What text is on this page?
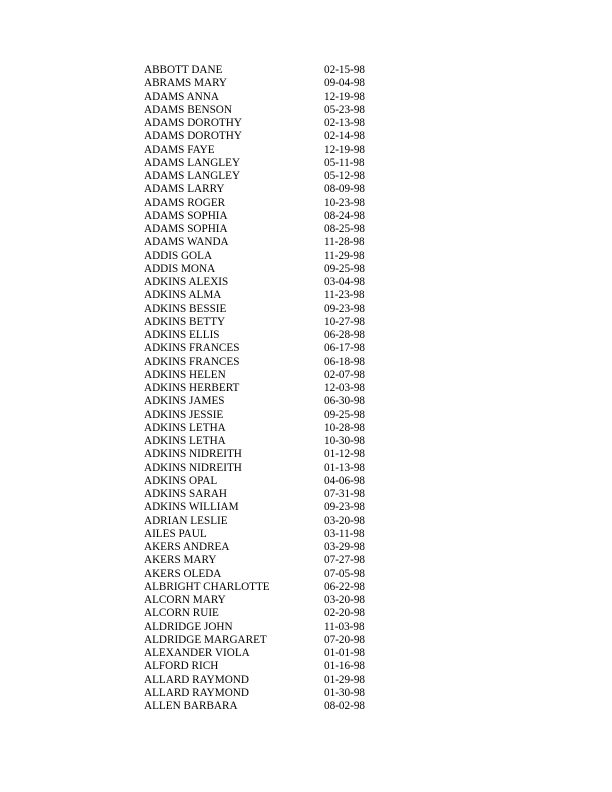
ABBOTT DANE	02-15-98
ABRAMS MARY	09-04-98
ADAMS ANNA	12-19-98
ADAMS BENSON	05-23-98
ADAMS DOROTHY	02-13-98
ADAMS DOROTHY	02-14-98
ADAMS FAYE	12-19-98
ADAMS LANGLEY	05-11-98
ADAMS LANGLEY	05-12-98
ADAMS LARRY	08-09-98
ADAMS ROGER	10-23-98
ADAMS SOPHIA	08-24-98
ADAMS SOPHIA	08-25-98
ADAMS WANDA	11-28-98
ADDIS GOLA	11-29-98
ADDIS MONA	09-25-98
ADKINS ALEXIS	03-04-98
ADKINS ALMA	11-23-98
ADKINS BESSIE	09-23-98
ADKINS BETTY	10-27-98
ADKINS ELLIS	06-28-98
ADKINS FRANCES	06-17-98
ADKINS FRANCES	06-18-98
ADKINS HELEN	02-07-98
ADKINS HERBERT	12-03-98
ADKINS JAMES	06-30-98
ADKINS JESSIE	09-25-98
ADKINS LETHA	10-28-98
ADKINS LETHA	10-30-98
ADKINS NIDREITH	01-12-98
ADKINS NIDREITH	01-13-98
ADKINS OPAL	04-06-98
ADKINS SARAH	07-31-98
ADKINS WILLIAM	09-23-98
ADRIAN LESLIE	03-20-98
AILES PAUL	03-11-98
AKERS ANDREA	03-29-98
AKERS MARY	07-27-98
AKERS OLEDA	07-05-98
ALBRIGHT CHARLOTTE	06-22-98
ALCORN MARY	03-20-98
ALCORN RUIE	02-20-98
ALDRIDGE JOHN	11-03-98
ALDRIDGE MARGARET	07-20-98
ALEXANDER VIOLA	01-01-98
ALFORD RICH	01-16-98
ALLARD RAYMOND	01-29-98
ALLARD RAYMOND	01-30-98
ALLEN BARBARA	08-02-98
